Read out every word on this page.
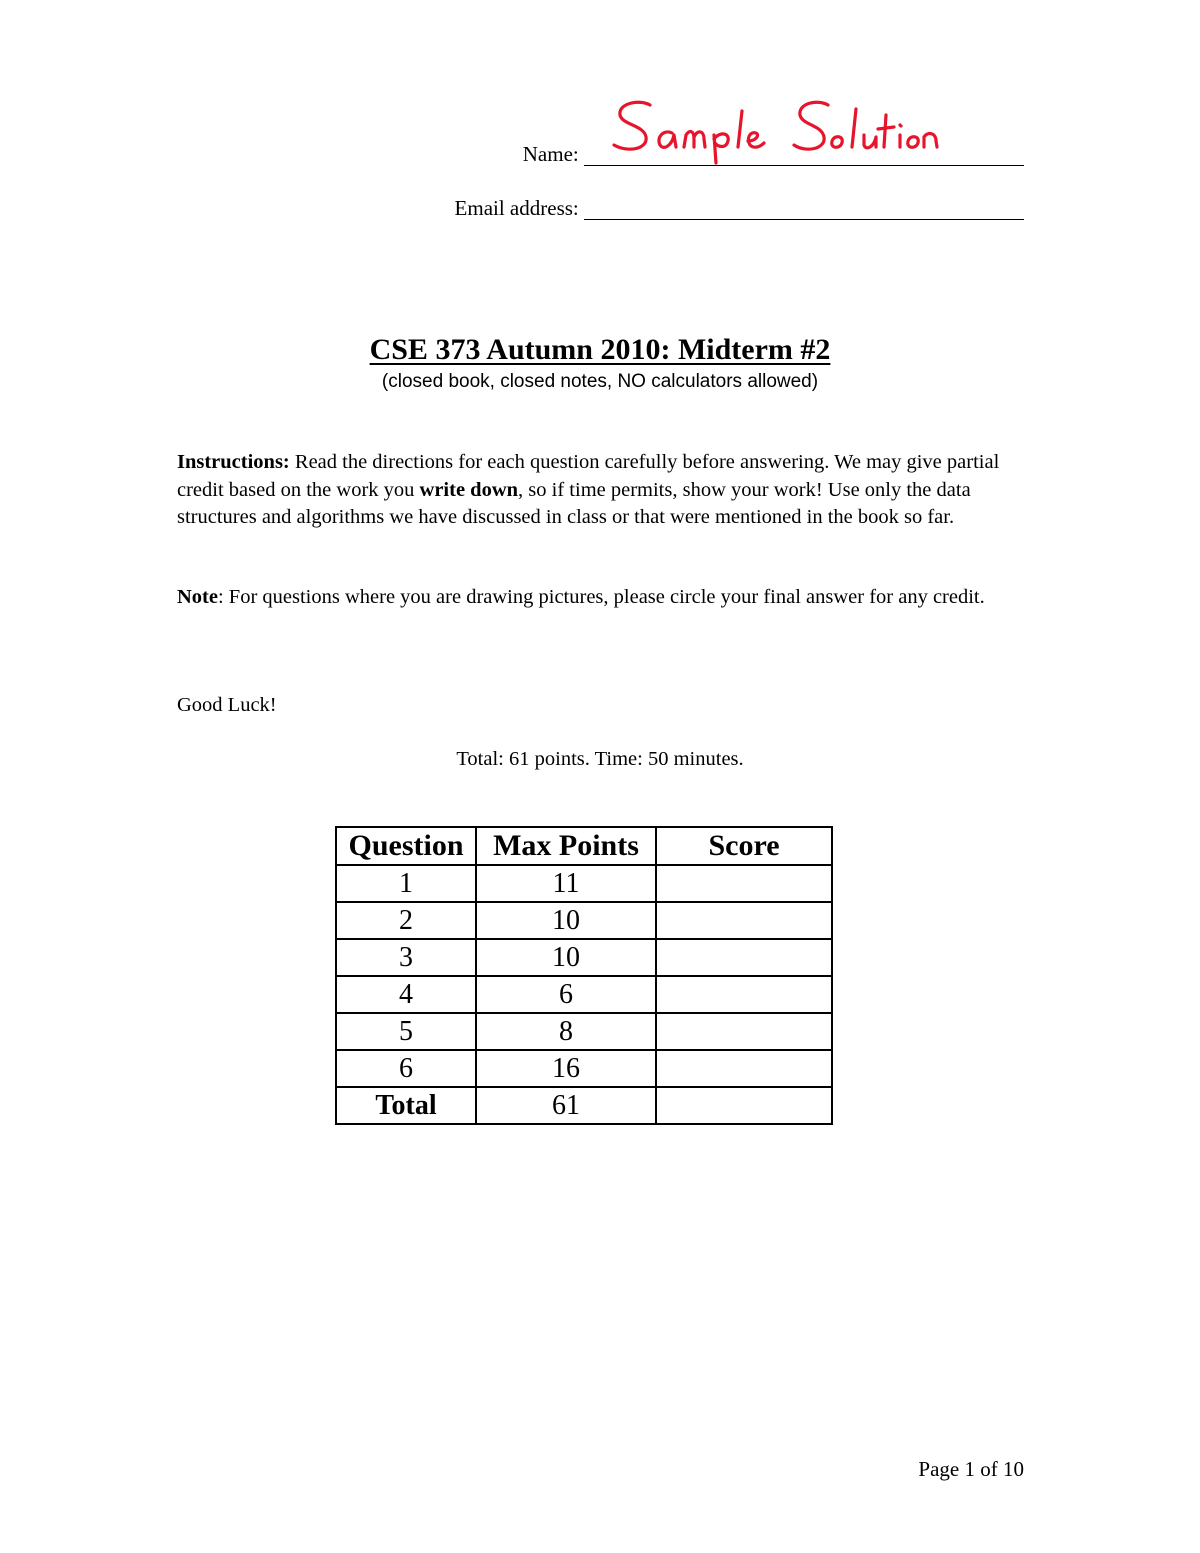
Name:
Email address:
CSE 373 Autumn 2010: Midterm #2
(closed book, closed notes, NO calculators allowed)
Instructions: Read the directions for each question carefully before answering. We may give partial credit based on the work you write down, so if time permits, show your work! Use only the data structures and algorithms we have discussed in class or that were mentioned in the book so far.
Note: For questions where you are drawing pictures, please circle your final answer for any credit.
Good Luck!
Total: 61 points. Time: 50 minutes.
Question	Max Points	Score
1	11	
2	10	
3	10	
4	6	
5	8	
6	16	
Total	61	
Page 1 of 10
